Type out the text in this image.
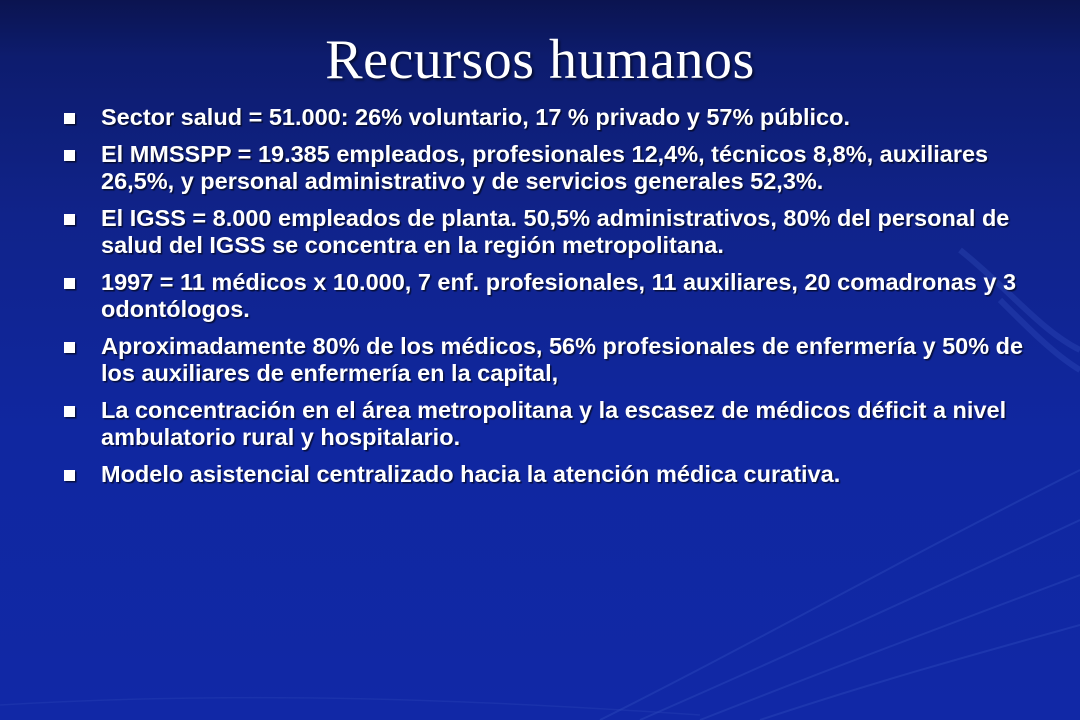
Recursos humanos
Sector salud = 51.000: 26% voluntario, 17 % privado y 57% público.
El MMSSPP = 19.385 empleados, profesionales 12,4%, técnicos 8,8%, auxiliares 26,5%, y personal administrativo y de servicios generales 52,3%.
El IGSS = 8.000 empleados de planta. 50,5% administrativos, 80% del personal de salud del IGSS se concentra en la región metropolitana.
1997 = 11 médicos x 10.000, 7 enf. profesionales, 11 auxiliares, 20 comadronas y 3 odontólogos.
Aproximadamente 80% de los médicos, 56% profesionales de enfermería y 50% de los auxiliares de enfermería en la capital,
La concentración en el área metropolitana y la escasez de médicos déficit a nivel ambulatorio rural y hospitalario.
Modelo asistencial centralizado hacia la atención médica curativa.
